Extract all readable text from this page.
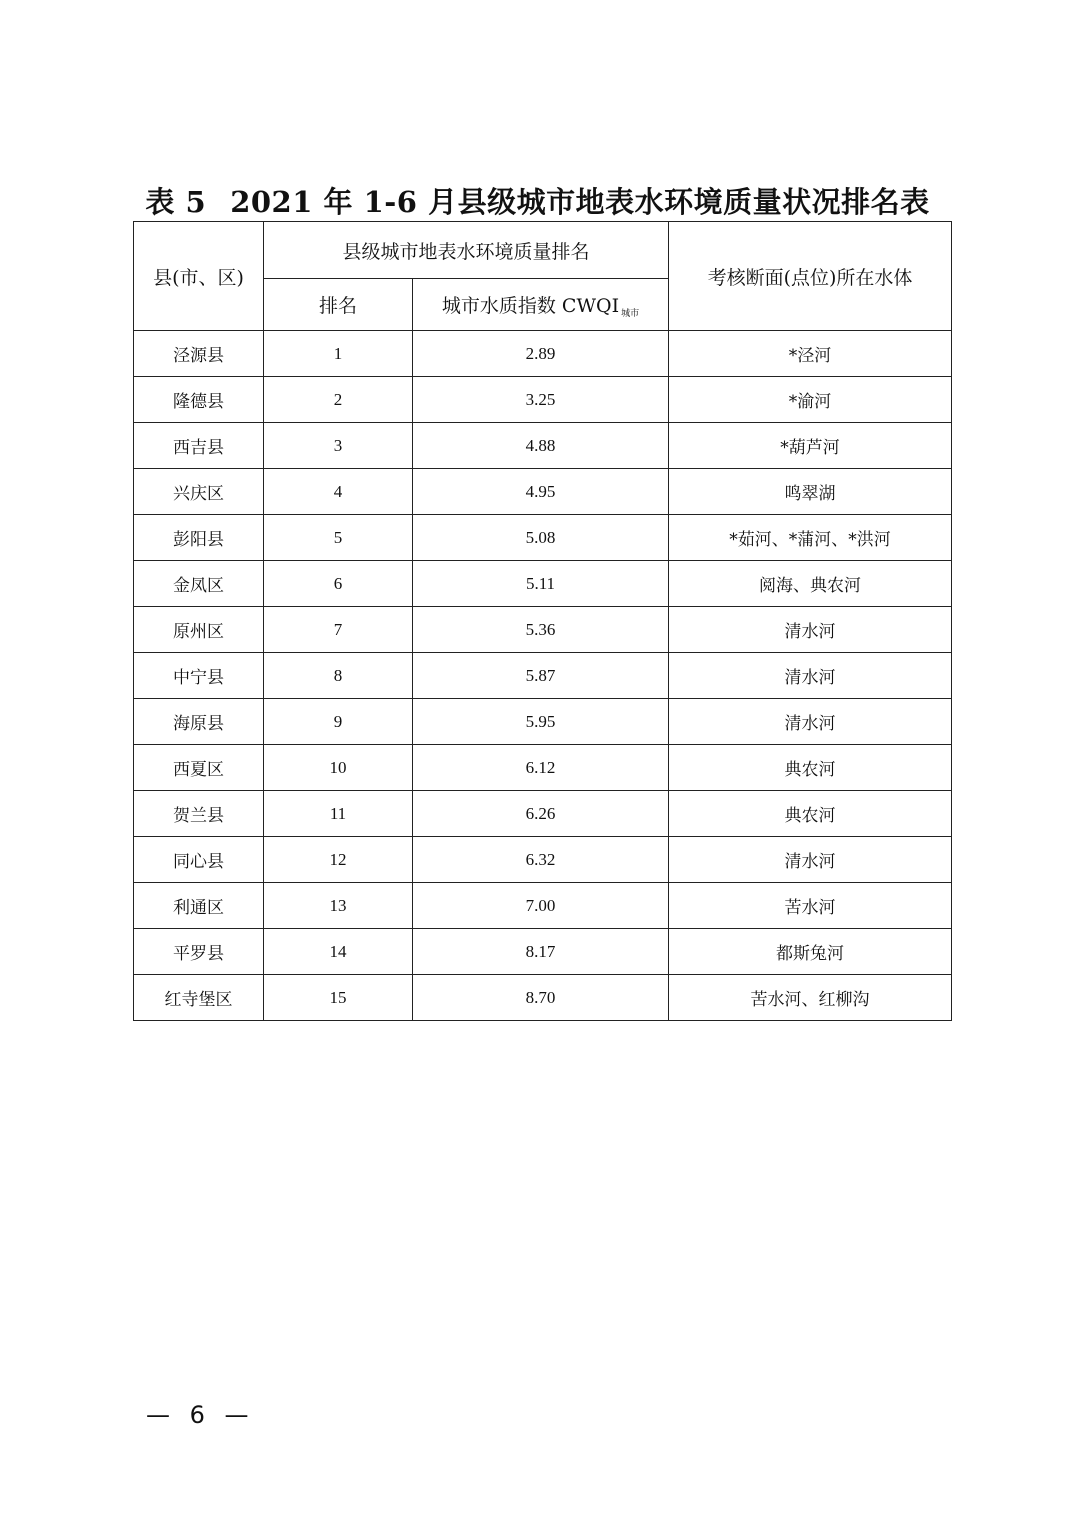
表 5 2021 年 1-6 月县级城市地表水环境质量状况排名表
县(市、区)	县级城市地表水环境质量排名		考核断面(点位)所在水体
	排名	城市水质指数 CWQI $_{城市}$
泾源县	1	2.89	*泾河
隆德县	2	3.25	*渝河
西吉县	3	4.88	*葫芦河
兴庆区	4	4.95	鸣翠湖
彭阳县	5	5.08	*茹河、*蒲河、*洪河
金凤区	6	5.11	阅海、典农河
原州区	7	5.36	清水河
中宁县	8	5.87	清水河
海原县	9	5.95	清水河
西夏区	10	6.12	典农河
贺兰县	11	6.26	典农河
同心县	12	6.32	清水河
利通区	13	7.00	苦水河
平罗县	14	8.17	都斯兔河
红寺堡区	15	8.70	苦水河、红柳沟
— 6 —
